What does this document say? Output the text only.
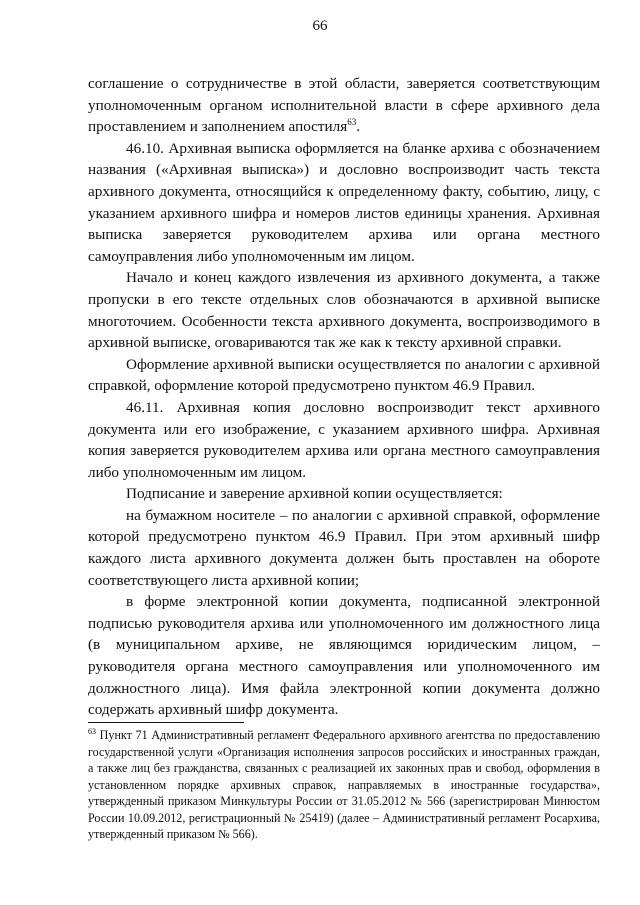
66

соглашение о сотрудничестве в этой области, заверяется соответствующим уполномоченным органом исполнительной власти в сфере архивного дела проставлением и заполнением апостиля$^{63}$.

46.10. Архивная выписка оформляется на бланке архива с обозначением названия («Архивная выписка») и дословно воспроизводит часть текста архивного документа, относящийся к определенному факту, событию, лицу, с указанием архивного шифра и номеров листов единицы хранения. Архивная выписка заверяется руководителем архива или органа местного самоуправления либо уполномоченным им лицом.

Начало и конец каждого извлечения из архивного документа, а также пропуски в его тексте отдельных слов обозначаются в архивной выписке многоточием. Особенности текста архивного документа, воспроизводимого в архивной выписке, оговариваются так же как к тексту архивной справки.

Оформление архивной выписки осуществляется по аналогии с архивной справкой, оформление которой предусмотрено пунктом 46.9 Правил.

46.11. Архивная копия дословно воспроизводит текст архивного документа или его изображение, с указанием архивного шифра. Архивная копия заверяется руководителем архива или органа местного самоуправления либо уполномоченным им лицом.

Подписание и заверение архивной копии осуществляется:

на бумажном носителе – по аналогии с архивной справкой, оформление которой предусмотрено пунктом 46.9 Правил. При этом архивный шифр каждого листа архивного документа должен быть проставлен на обороте соответствующего листа архивной копии;

в форме электронной копии документа, подписанной электронной подписью руководителя архива или уполномоченного им должностного лица (в муниципальном архиве, не являющимся юридическим лицом, – руководителя органа местного самоуправления или уполномоченного им должностного лица). Имя файла электронной копии документа должно содержать архивный шифр документа.

$^{63}$ Пункт 71 Административный регламент Федерального архивного агентства по предоставлению государственной услуги «Организация исполнения запросов российских и иностранных граждан, а также лиц без гражданства, связанных с реализацией их законных прав и свобод, оформления в установленном порядке архивных справок, направляемых в иностранные государства», утвержденный приказом Минкультуры России от 31.05.2012 № 566 (зарегистрирован Минюстом России 10.09.2012, регистрационный № 25419) (далее – Административный регламент Росархива, утвержденный приказом № 566).
